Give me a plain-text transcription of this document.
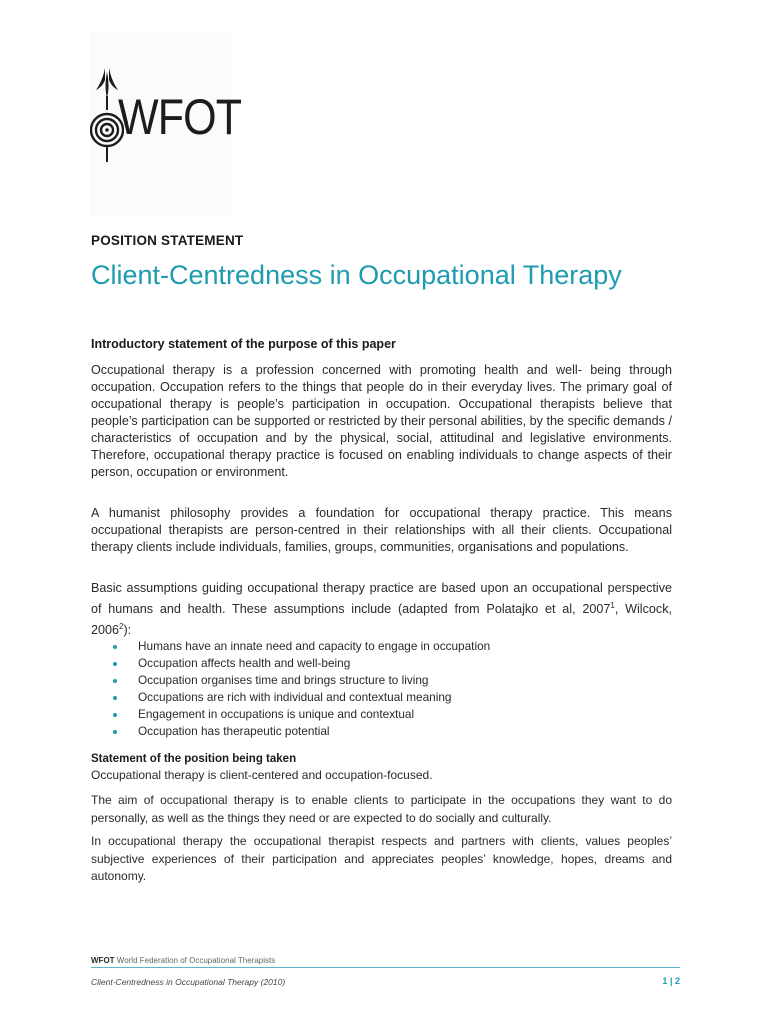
WFOT
POSITION STATEMENT
Client-Centredness in Occupational Therapy
Introductory statement of the purpose of this paper
Occupational therapy is a profession concerned with promoting health and well- being through occupation. Occupation refers to the things that people do in their everyday lives. The primary goal of occupational therapy is people’s participation in occupation. Occupational therapists believe that people’s participation can be supported or restricted by their personal abilities, by the specific demands / characteristics of occupation and by the physical, social, attitudinal and legislative environments. Therefore, occupational therapy practice is focused on enabling individuals to change aspects of their person, occupation or environment.
A humanist philosophy provides a foundation for occupational therapy practice. This means occupational therapists are person-centred in their relationships with all their clients. Occupational therapy clients include individuals, families, groups, communities, organisations and populations.
Basic assumptions guiding occupational therapy practice are based upon an occupational perspective of humans and health. These assumptions include (adapted from Polatajko et al, 2007$^1$, Wilcock, 2006$^2$):
Humans have an innate need and capacity to engage in occupation
Occupation affects health and well-being
Occupation organises time and brings structure to living
Occupations are rich with individual and contextual meaning
Engagement in occupations is unique and contextual
Occupation has therapeutic potential
Statement of the position being taken
Occupational therapy is client-centered and occupation-focused.
The aim of occupational therapy is to enable clients to participate in the occupations they want to do personally, as well as the things they need or are expected to do socially and culturally.
In occupational therapy the occupational therapist respects and partners with clients, values peoples’ subjective experiences of their participation and appreciates peoples’ knowledge, hopes, dreams and autonomy.
WFOT World Federation of Occupational Therapists
Client-Centredness in Occupational Therapy (2010)	1 | 2
